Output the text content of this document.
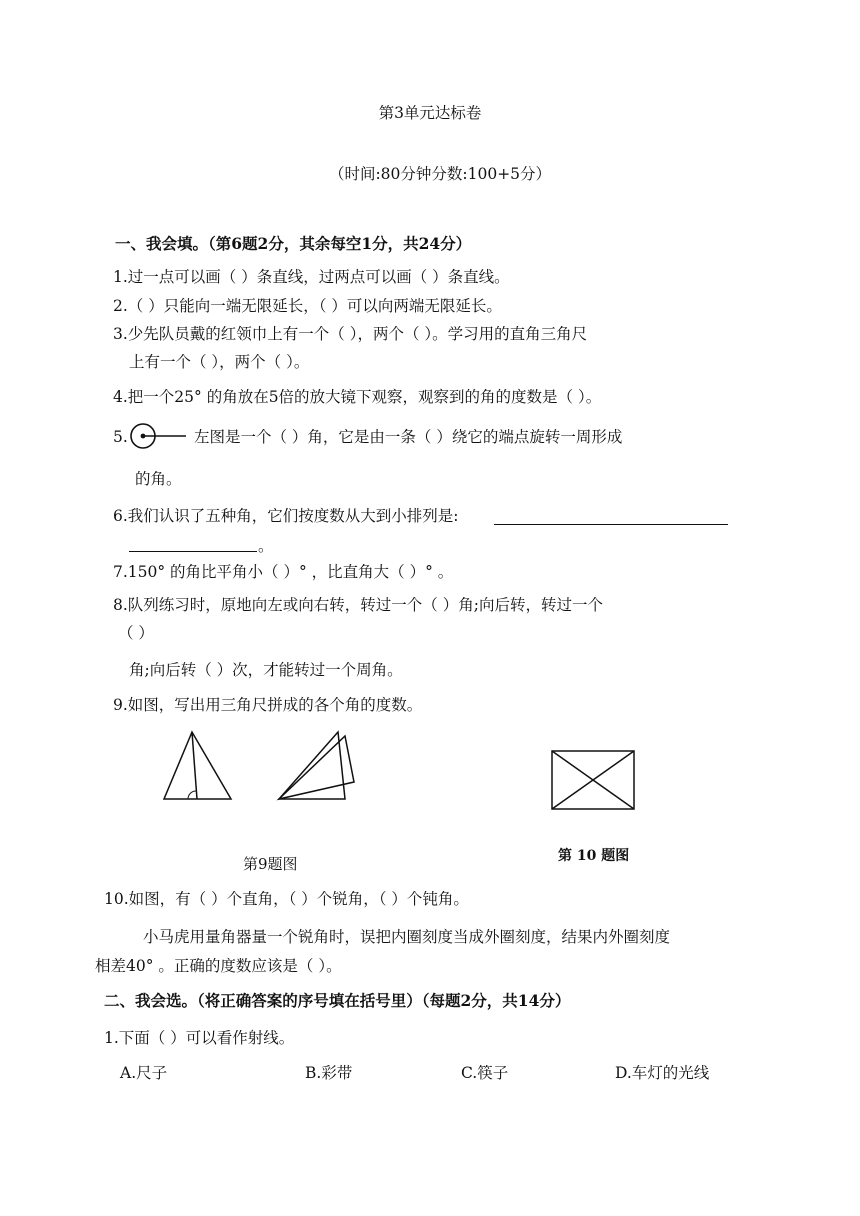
第3单元达标卷
（时间:80分钟分数:100+5分）
一、我会填。（第6题2分，其余每空1分，共24分）
1.过一点可以画（ ）条直线，过两点可以画（ ）条直线。
2.（ ）只能向一端无限延长，（ ）可以向两端无限延长。
3.少先队员戴的红领巾上有一个（ ），两个（ ）。学习用的直角三角尺
上有一个（ ），两个（ ）。
4.把一个25° 的角放在5倍的放大镜下观察，观察到的角的度数是（ ）。
5.	左图是一个（ ）角，它是由一条（ ）绕它的端点旋转一周形成
的角。
6.我们认识了五种角，它们按度数从大到小排列是:
。
7.150° 的角比平角小（ ）° ，比直角大（ ）° 。
8.队列练习时，原地向左或向右转，转过一个（ ）角;向后转，转过一个
（ ）
角;向后转（ ）次，才能转过一个周角。
9.如图，写出用三角尺拼成的各个角的度数。
第9题图	第 10 题图
10.如图，有（ ）个直角，（ ）个锐角，（ ）个钝角。
小马虎用量角器量一个锐角时，误把内圈刻度当成外圈刻度，结果内外圈刻度
相差40° 。正确的度数应该是（ ）。
二、我会选。（将正确答案的序号填在括号里）（每题2分，共14分）
1.下面（ ）可以看作射线。
A.尺子	B.彩带	C.筷子	D.车灯的光线
